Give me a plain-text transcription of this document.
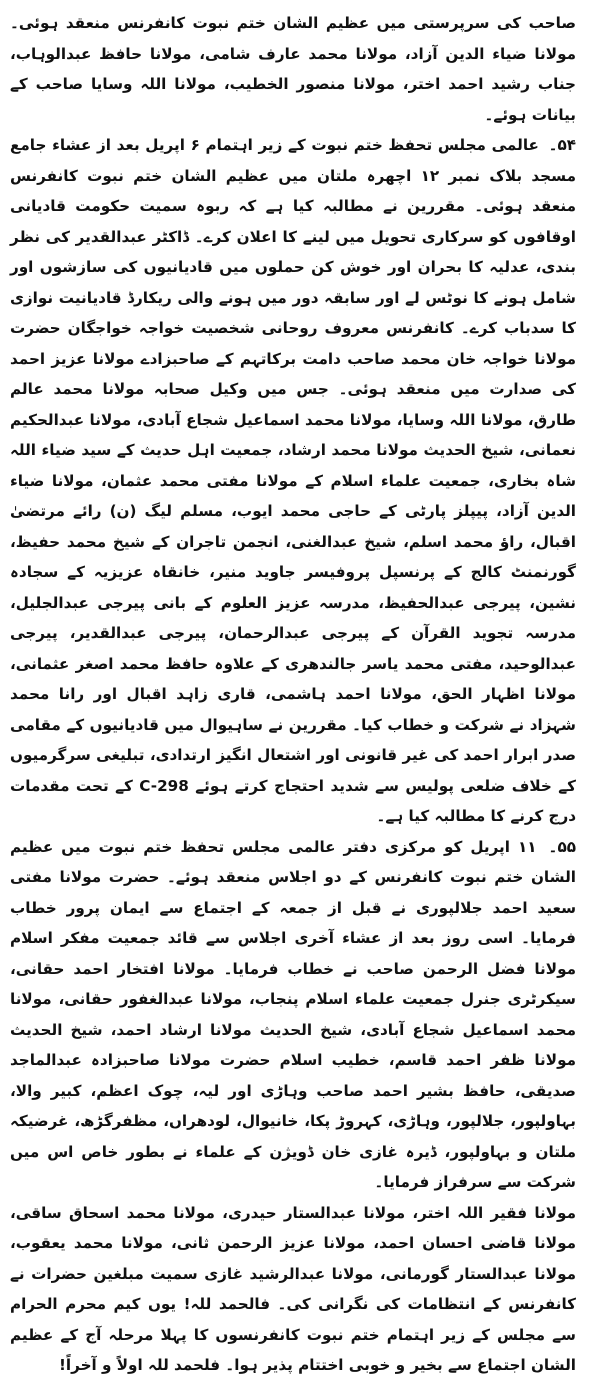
صاحب کی سرپرستی میں عظیم الشان ختم نبوت کانفرنس منعقد ہوئی۔ مولانا ضیاء الدین آزاد، مولانا محمد عارف شامی، مولانا حافظ عبدالوہاب، جناب رشید احمد اختر، مولانا منصور الخطیب، مولانا اللہ وسایا صاحب کے بیانات ہوئے۔

۵۴۔ عالمی مجلس تحفظ ختم نبوت کے زیر اہتمام ۶ اپریل بعد از عشاء جامع مسجد بلاک نمبر ۱۲ اچھرہ ملتان میں عظیم الشان ختم نبوت کانفرنس منعقد ہوئی۔ مقررین نے مطالبہ کیا ہے کہ ربوہ سمیت حکومت قادیانی اوقافوں کو سرکاری تحویل میں لینے کا اعلان کرے۔ ڈاکٹر عبدالقدیر کی نظر بندی، عدلیہ کا بحران اور خوش کن حملوں میں قادیانیوں کی سازشوں اور شامل ہونے کا نوٹس لے اور سابقہ دور میں ہونے والی ریکارڈ قادیانیت نوازی کا سدباب کرے۔ کانفرنس معروف روحانی شخصیت خواجہ خواجگان حضرت مولانا خواجہ خان محمد صاحب دامت برکاتہم کے صاحبزادے مولانا عزیز احمد کی صدارت میں منعقد ہوئی۔ جس میں وکیل صحابہ مولانا محمد عالم طارق، مولانا اللہ وسایا، مولانا محمد اسماعیل شجاع آبادی، مولانا عبدالحکیم نعمانی، شیخ الحدیث مولانا محمد ارشاد، جمعیت اہل حدیث کے سید ضیاء اللہ شاہ بخاری، جمعیت علماء اسلام کے مولانا مفتی محمد عثمان، مولانا ضیاء الدین آزاد، پیپلز پارٹی کے حاجی محمد ایوب، مسلم لیگ (ن) رائے مرتضیٰ اقبال، راؤ محمد اسلم، شیخ عبدالغنی، انجمن تاجران کے شیخ محمد حفیظ، گورنمنٹ کالج کے پرنسپل پروفیسر جاوید منیر، خانقاہ عزیزیہ کے سجادہ نشین، پیرجی عبدالحفیظ، مدرسہ عزیز العلوم کے بانی پیرجی عبدالجلیل، مدرسہ تجوید القرآن کے پیرجی عبدالرحمان، پیرجی عبدالقدیر، پیرجی عبدالوحید، مفتی محمد یاسر جالندھری کے علاوہ حافظ محمد اصغر عثمانی، مولانا اظہار الحق، مولانا احمد ہاشمی، قاری زاہد اقبال اور رانا محمد شہزاد نے شرکت و خطاب کیا۔ مقررین نے ساہیوال میں قادیانیوں کے مقامی صدر ابرار احمد کی غیر قانونی اور اشتعال انگیز ارتدادی، تبلیغی سرگرمیوں کے خلاف ضلعی پولیس سے شدید احتجاج کرتے ہوئے C-298 کے تحت مقدمات درج کرنے کا مطالبہ کیا ہے۔

۵۵۔ ۱۱ اپریل کو مرکزی دفتر عالمی مجلس تحفظ ختم نبوت میں عظیم الشان ختم نبوت کانفرنس کے دو اجلاس منعقد ہوئے۔ حضرت مولانا مفتی سعید احمد جلالپوری نے قبل از جمعہ کے اجتماع سے ایمان پرور خطاب فرمایا۔ اسی روز بعد از عشاء آخری اجلاس سے قائد جمعیت مفکر اسلام مولانا فضل الرحمن صاحب نے خطاب فرمایا۔ مولانا افتخار احمد حقانی، سیکرٹری جنرل جمعیت علماء اسلام پنجاب، مولانا عبدالغفور حقانی، مولانا محمد اسماعیل شجاع آبادی، شیخ الحدیث مولانا ارشاد احمد، شیخ الحدیث مولانا ظفر احمد قاسم، خطیب اسلام حضرت مولانا صاحبزادہ عبدالماجد صدیقی، حافظ بشیر احمد صاحب وہاڑی اور لیہ، چوک اعظم، کبیر والا، بہاولپور، جلالپور، وہاڑی، کہروڑ پکا، خانیوال، لودھراں، مظفرگڑھ، غرضیکہ ملتان و بہاولپور، ڈیرہ غازی خان ڈویژن کے علماء نے بطور خاص اس میں شرکت سے سرفراز فرمایا۔

مولانا فقیر اللہ اختر، مولانا عبدالستار حیدری، مولانا محمد اسحاق ساقی، مولانا قاضی احسان احمد، مولانا عزیز الرحمن ثانی، مولانا محمد یعقوب، مولانا عبدالستار گورمانی، مولانا عبدالرشید غازی سمیت مبلغین حضرات نے کانفرنس کے انتظامات کی نگرانی کی۔ فالحمد للہ! یوں کیم محرم الحرام سے مجلس کے زیر اہتمام ختم نبوت کانفرنسوں کا پہلا مرحلہ آج کے عظیم الشان اجتماع سے بخیر و خوبی اختتام پذیر ہوا۔ فلحمد للہ اولاً و آخراً!
